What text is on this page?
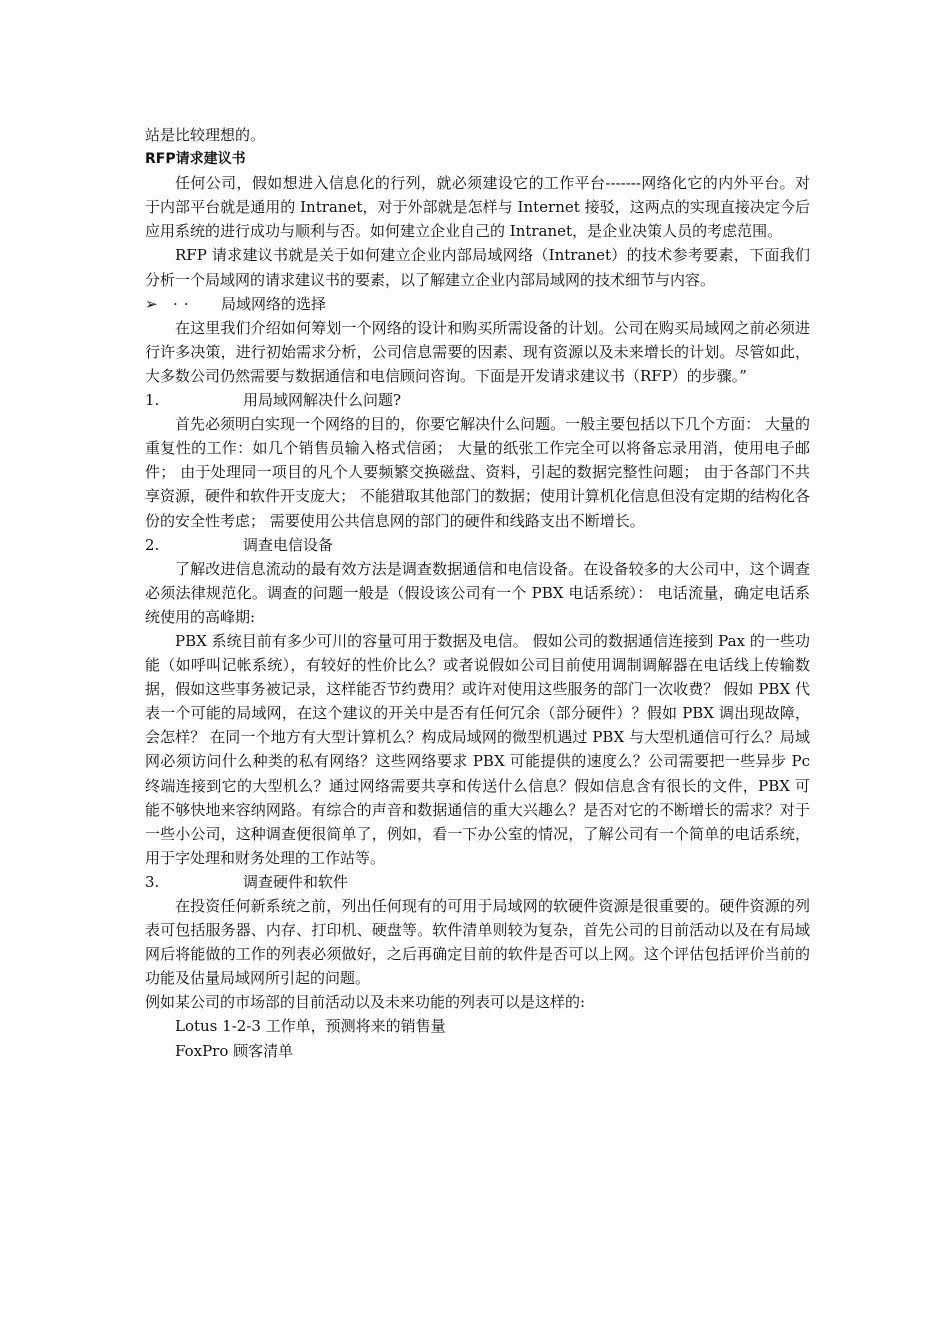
站是比较理想的。

RFP请求建议书

任何公司，假如想进入信息化的行列，就必须建设它的工作平台-------网络化它的内外平台。对于内部平台就是通用的 Intranet，对于外部就是怎样与 Internet 接驳，这两点的实现直接决定今后应用系统的进行成功与顺利与否。如何建立企业自己的 Intranet，是企业决策人员的考虑范围。

RFP 请求建议书就是关于如何建立企业内部局域网络（Intranet）的技术参考要素，下面我们分析一个局域网的请求建议书的要素，以了解建立企业内部局域网的技术细节与内容。

➢	··	局域网络的选择

在这里我们介绍如何筹划一个网络的设计和购买所需设备的计划。公司在购买局域网之前必须进行许多决策，进行初始需求分析，公司信息需要的因素、现有资源以及未来增长的计划。尽管如此，大多数公司仍然需要与数据通信和电信顾问咨询。下面是开发请求建议书（RFP）的步骤。”

1.	用局域网解决什么问题?

首先必须明白实现一个网络的目的，你要它解决什么问题。一般主要包括以下几个方面： 大量的重复性的工作：如几个销售员输入格式信函； 大量的纸张工作完全可以将备忘录用消，使用电子邮件； 由于处理同一项目的凡个人要频繁交换磁盘、资料，引起的数据完整性问题； 由于各部门不共享资源，硬件和软件开支庞大； 不能猎取其他部门的数据；使用计算机化信息但没有定期的结构化各份的安全性考虑； 需要使用公共信息网的部门的硬件和线路支出不断增长。

2.	调查电信设备

了解改进信息流动的最有效方法是调查数据通信和电信设备。在设备较多的大公司中，这个调查必须法律规范化。调查的问题一般是（假设该公司有一个 PBX 电话系统）： 电话流量，确定电话系统使用的高峰期:

PBX 系统目前有多少可川的容量可用于数据及电信。 假如公司的数据通信连接到 Pax 的一些功能（如呼叫记帐系统），有较好的性价比么？或者说假如公司目前使用调制调解器在电话线上传输数据，假如这些事务被记录，这样能否节约费用？或许对使用这些服务的部门一次收费？ 假如 PBX 代表一个可能的局域网，在这个建议的开关中是否有任何冗余（部分硬件）？假如 PBX 调出现故障，会怎样？ 在同一个地方有大型计算机么？构成局域网的微型机遇过 PBX 与大型机通信可行么？局域网必须访问什么种类的私有网络？这些网络要求 PBX 可能提供的速度么？公司需要把一些异步 Pc 终端连接到它的大型机么？通过网络需要共享和传送什么信息？假如信息含有很长的文件，PBX 可能不够快地来容纳网路。有综合的声音和数据通信的重大兴趣么？是否对它的不断增长的需求？对于一些小公司，这种调查便很简单了，例如，看一下办公室的情况，了解公司有一个简单的电话系统，用于字处理和财务处理的工作站等。

3.	调查硬件和软件

在投资任何新系统之前，列出任何现有的可用于局域网的软硬件资源是很重要的。硬件资源的列表可包括服务器、内存、打印机、硬盘等。软件清单则较为复杂，首先公司的目前活动以及在有局域网后将能做的工作的列表必须做好，之后再确定目前的软件是否可以上网。这个评估包括评价当前的功能及估量局域网所引起的问题。

例如某公司的市场部的目前活动以及未来功能的列表可以是这样的:

Lotus 1-2-3 工作单，预测将来的销售量

FoxPro 顾客清单
